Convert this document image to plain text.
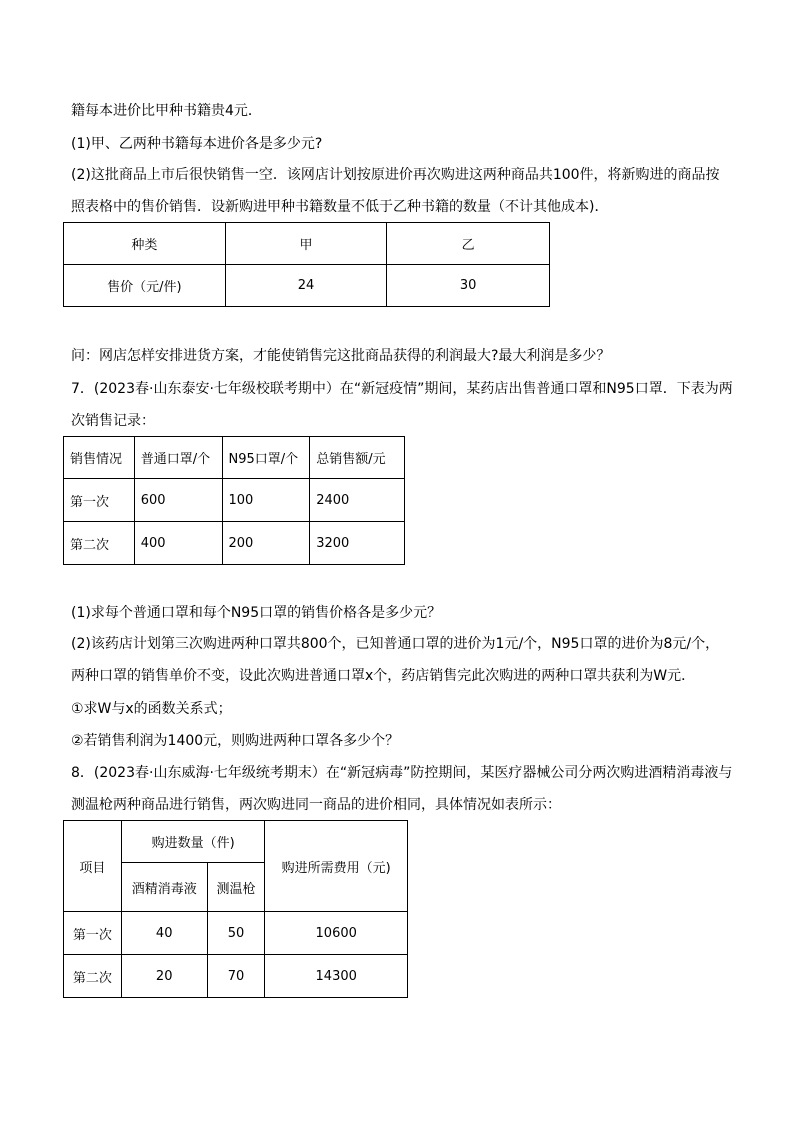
籍每本进价比甲种书籍贵4元．
(1)甲、乙两种书籍每本进价各是多少元?
(2)这批商品上市后很快销售一空．该网店计划按原进价再次购进这两种商品共100件，将新购进的商品按
照表格中的售价销售．设新购进甲种书籍数量不低于乙种书籍的数量（不计其他成本)．
种类	甲	乙
售价（元/件)	24	30
问：网店怎样安排进货方案，才能使销售完这批商品获得的利润最大?最大利润是多少？
7．(2023春·山东泰安·七年级校联考期中）在“新冠疫情”期间，某药店出售普通口罩和N95口罩．下表为两
次销售记录：
销售情况	普通口罩/个	N95口罩/个	总销售额/元
第一次	600	100	2400
第二次	400	200	3200
(1)求每个普通口罩和每个N95口罩的销售价格各是多少元？
(2)该药店计划第三次购进两种口罩共800个，已知普通口罩的进价为1元/个，N95口罩的进价为8元/个，
两种口罩的销售单价不变，设此次购进普通口罩x个，药店销售完此次购进的两种口罩共获利为W元．
①求W与x的函数关系式；
②若销售利润为1400元，则购进两种口罩各多少个？
8．(2023春·山东威海·七年级统考期末）在“新冠病毒”防控期间，某医疗器械公司分两次购进酒精消毒液与
测温枪两种商品进行销售，两次购进同一商品的进价相同，具体情况如表所示：
项目	购进数量（件)		购进所需费用（元)
	酒精消毒液	测温枪	
第一次	40	50	10600
第二次	20	70	14300
